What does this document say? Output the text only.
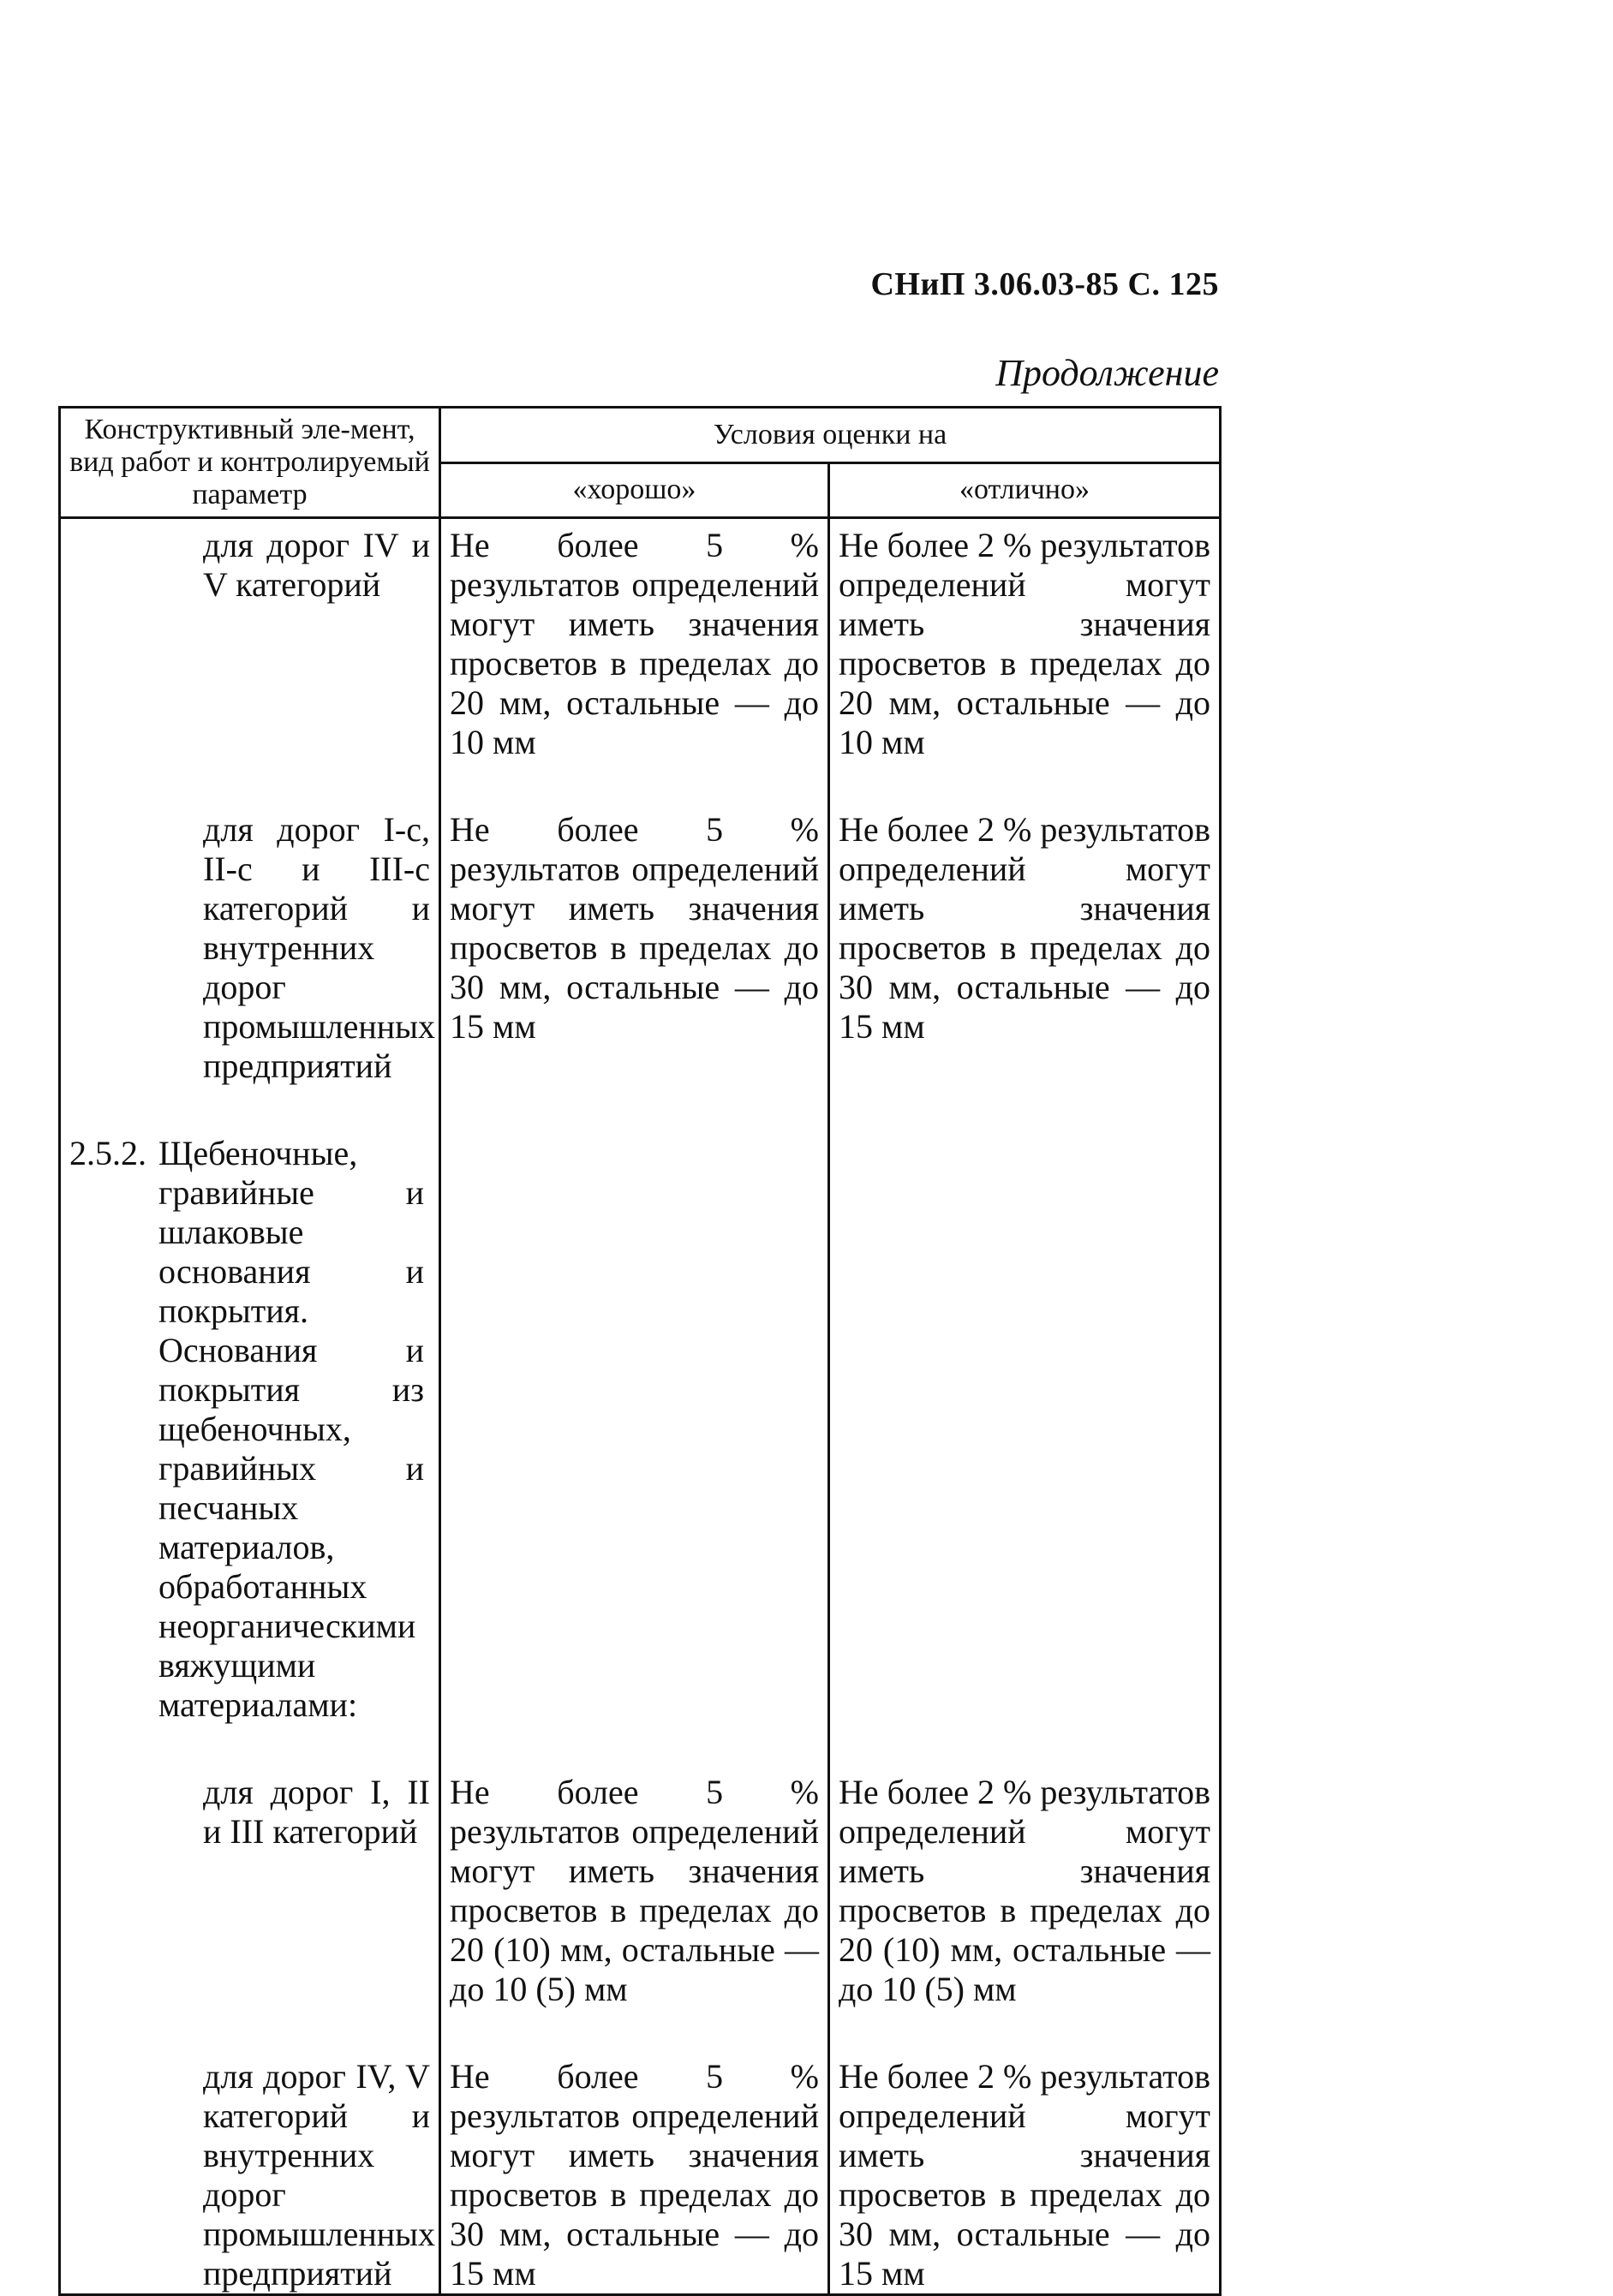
СНиП 3.06.03-85 С. 125
Продолжение
Конструктивный эле-мент, вид работ и контролируемый параметр	Условия оценки на	
	«хорошо»	«отлично»
для дорог IV и V категорий	Не более 5 % результатов определений могут иметь значения просветов в пределах до 20 мм, остальные — до 10 мм	Не более 2 % результатов определений могут иметь значения просветов в пределах до 20 мм, остальные — до 10 мм

для дорог I-с, II-с и III-с категорий и внутренних дорог промышленных предприятий	Не более 5 % результатов определений могут иметь значения просветов в пределах до 30 мм, остальные — до 15 мм	Не более 2 % результатов определений могут иметь значения просветов в пределах до 30 мм, остальные — до 15 мм

2.5.2. Щебеночные, гравийные и шлаковые основания и покрытия. Основания и покрытия из щебеночных, гравийных и песчаных материалов, обработанных неорганическими вяжущими материалами:		

для дорог I, II и III категорий	Не более 5 % результатов определений могут иметь значения просветов в пределах до 20 (10) мм, остальные — до 10 (5) мм	Не более 2 % результатов определений могут иметь значения просветов в пределах до 20 (10) мм, остальные — до 10 (5) мм

для дорог IV, V категорий и внутренних дорог промышленных предприятий	Не более 5 % результатов определений могут иметь значения просветов в пределах до 30 мм, остальные — до 15 мм	Не более 2 % результатов определений могут иметь значения просветов в пределах до 30 мм, остальные — до 15 мм
